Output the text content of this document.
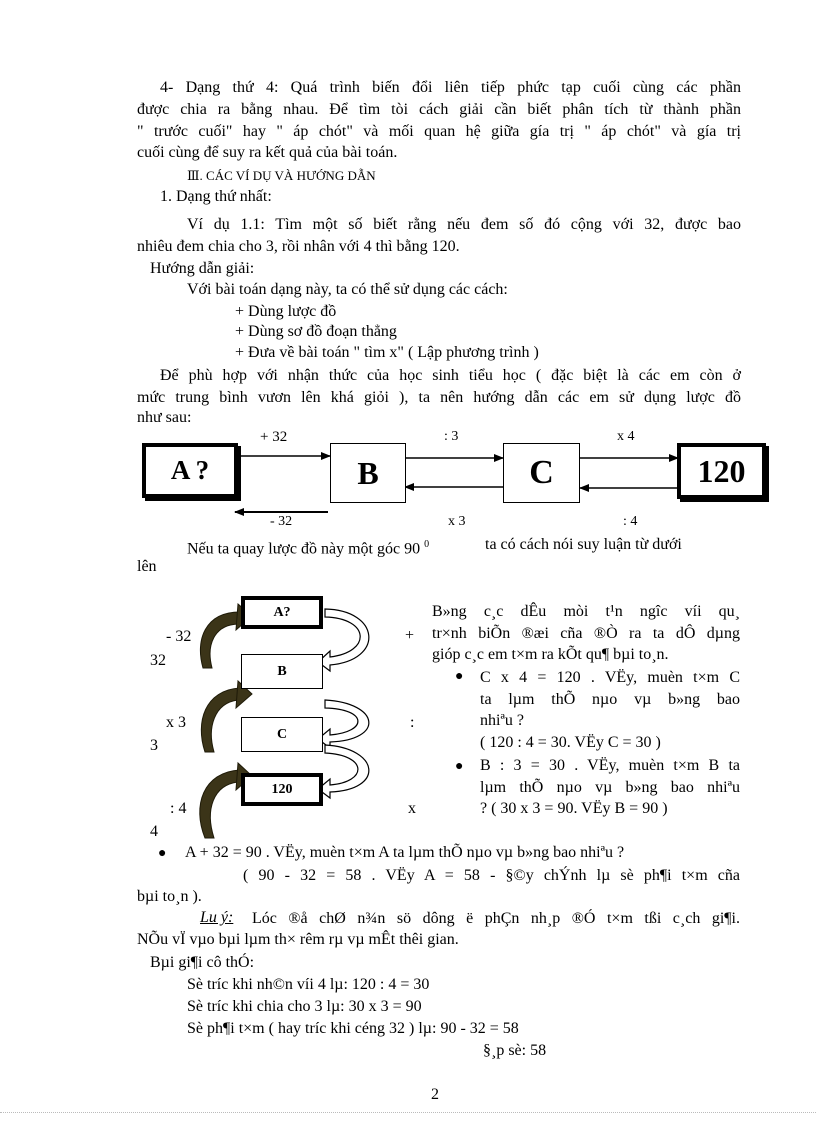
4- Dạng thứ 4: Quá trình biến đổi liên tiếp phức tạp cuối cùng các phần
được chia ra bằng nhau. Để tìm tòi cách giải cần biết phân tích từ thành phần
" trước cuối" hay " áp chót" và mối quan hệ giữa gía trị " áp chót" và gía trị
cuối cùng để suy ra kết quả của bài toán.
Ⅲ. CÁC VÍ DỤ VÀ HƯỚNG DẪN
1. Dạng thứ nhất:
Ví dụ 1.1: Tìm một số biết rằng nếu đem số đó cộng với 32, được bao
nhiêu đem chia cho 3, rồi nhân với 4 thì bằng 120.
Hướng dẫn giải:
Với bài toán dạng này, ta có thể sử dụng các cách:
+ Dùng lược đồ
+ Dùng sơ đồ đoạn thẳng
+ Đưa về bài toán " tìm x" ( Lập phương trình )
Để phù hợp với nhận thức của học sinh tiểu học ( đặc biệt là các em còn ở
mức trung bình vươn lên khá giỏi ), ta nên hướng dẫn các em sử dụng lược đồ
như sau:
+ 32	: 3	x 4
- 32	x 3	: 4
A ?	B	C	120
Nếu ta quay lược đồ này một góc 90 $^0$	ta có cách nói suy luận từ dưới
lên
A?
B
C
120
- 32
32
x 3
3
: 4
4
+
:
x
B»ng c¸c dÊu mòi t¹n ngîc víi qu¸
tr×nh biÕn ®æi cña ®Ò ra ta dÔ dµng
gióp c¸c em t×m ra kÕt qu¶ bµi to¸n.
● C x 4 = 120 . VËy, muèn t×m C
ta lµm thÕ nµo vµ b»ng bao
nhiªu ?
( 120 : 4 = 30. VËy C = 30 )
● B : 3 = 30 . VËy, muèn t×m B ta
lµm thÕ nµo vµ b»ng bao nhiªu
? ( 30 x 3 = 90. VËy B = 90 )
● A + 32 = 90 . VËy, muèn t×m A ta lµm thÕ nµo vµ b»ng bao nhiªu ?
( 90 - 32 = 58 . VËy A = 58 - §©y chÝnh lµ sè ph¶i t×m cña
bµi to¸n ).
Lu ý: Lóc ®å chØ n¾n sö dông ë phÇn nh¸p ®Ó t×m tßi c¸ch gi¶i.
NÕu vÏ vµo bµi lµm th× rêm rµ vµ mÊt thêi gian.
Bµi gi¶i cô thÓ:
Sè tríc khi nh©n víi 4 lµ: 120 : 4 = 30
Sè tríc khi chia cho 3 lµ: 30 x 3 = 90
Sè ph¶i t×m ( hay tríc khi céng 32 ) lµ: 90 - 32 = 58
§¸p sè: 58
2
